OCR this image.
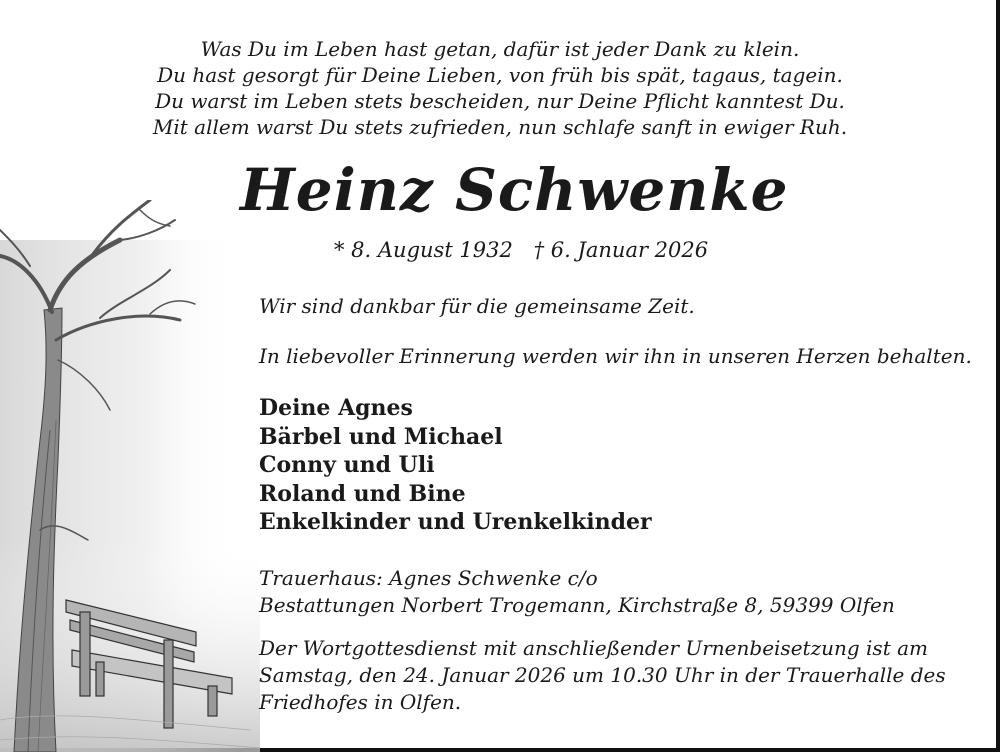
Was Du im Leben hast getan, dafür ist jeder Dank zu klein.
Du hast gesorgt für Deine Lieben, von früh bis spät, tagaus, tagein.
Du warst im Leben stets bescheiden, nur Deine Pflicht kanntest Du.
Mit allem warst Du stets zufrieden, nun schlafe sanft in ewiger Ruh.
Heinz Schwenke
* 8. August 1932 † 6. Januar 2026
Wir sind dankbar für die gemeinsame Zeit.
In liebevoller Erinnerung werden wir ihn in unseren Herzen behalten.
Deine Agnes
Bärbel und Michael
Conny und Uli
Roland und Bine
Enkelkinder und Urenkelkinder
Trauerhaus: Agnes Schwenke c/o
Bestattungen Norbert Trogemann, Kirchstraße 8, 59399 Olfen
Der Wortgottesdienst mit anschließender Urnenbeisetzung ist am
Samstag, den 24. Januar 2026 um 10.30 Uhr in der Trauerhalle des
Friedhofes in Olfen.
